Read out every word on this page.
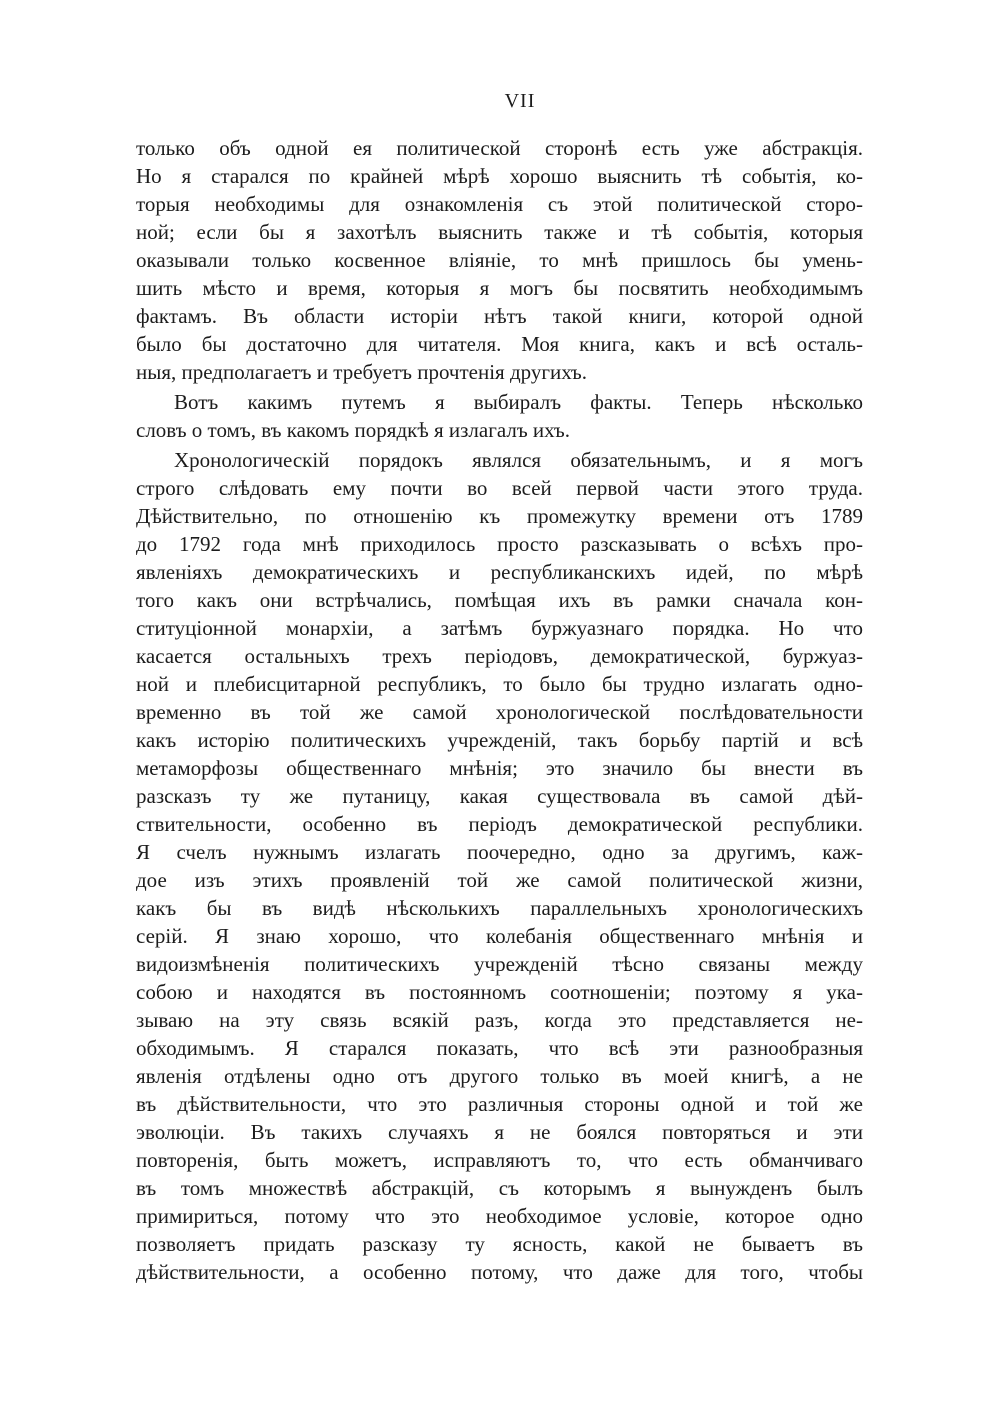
VII
только объ одной ея политической сторонѣ есть уже абстракція.
Но я старался по крайней мѣрѣ хорошо выяснить тѣ событія, ко-
торыя необходимы для ознакомленія съ этой политической сторо-
ной; если бы я захотѣлъ выяснить также и тѣ событія, которыя
оказывали только косвенное вліяніе, то мнѣ пришлось бы умень-
шить мѣсто и время, которыя я могъ бы посвятить необходимымъ
фактамъ. Въ области исторіи нѣтъ такой книги, которой одной
было бы достаточно для читателя. Моя книга, какъ и всѣ осталь-
ныя, предполагаетъ и требуетъ прочтенія другихъ.
Вотъ какимъ путемъ я выбиралъ факты. Теперь нѣсколько
словъ о томъ, въ какомъ порядкѣ я излагалъ ихъ.
Хронологическій порядокъ являлся обязательнымъ, и я могъ
строго слѣдовать ему почти во всей первой части этого труда.
Дѣйствительно, по отношенію къ промежутку времени отъ 1789
до 1792 года мнѣ приходилось просто разсказывать о всѣхъ про-
явленіяхъ демократическихъ и республиканскихъ идей, по мѣрѣ
того какъ они встрѣчались, помѣщая ихъ въ рамки сначала кон-
ституціонной монархіи, а затѣмъ буржуазнаго порядка. Но что
касается остальныхъ трехъ періодовъ, демократической, буржуаз-
ной и плебисцитарной республикъ, то было бы трудно излагать одно-
временно въ той же самой хронологической послѣдовательности
какъ исторію политическихъ учрежденій, такъ борьбу партій и всѣ
метаморфозы общественнаго мнѣнія; это значило бы внести въ
разсказъ ту же путаницу, какая существовала въ самой дѣй-
ствительности, особенно въ періодъ демократической республики.
Я счелъ нужнымъ излагать поочередно, одно за другимъ, каж-
дое изъ этихъ проявленій той же самой политической жизни,
какъ бы въ видѣ нѣсколькихъ параллельныхъ хронологическихъ
серій. Я знаю хорошо, что колебанія общественнаго мнѣнія и
видоизмѣненія политическихъ учрежденій тѣсно связаны между
собою и находятся въ постоянномъ соотношеніи; поэтому я ука-
зываю на эту связь всякій разъ, когда это представляется не-
обходимымъ. Я старался показать, что всѣ эти разнообразныя
явленія отдѣлены одно отъ другого только въ моей книгѣ, а не
въ дѣйствительности, что это различныя стороны одной и той же
эволюціи. Въ такихъ случаяхъ я не боялся повторяться и эти
повторенія, быть можетъ, исправляютъ то, что есть обманчиваго
въ томъ множествѣ абстракцій, съ которымъ я вынужденъ былъ
примириться, потому что это необходимое условіе, которое одно
позволяетъ придать разсказу ту ясность, какой не бываетъ въ
дѣйствительности, а особенно потому, что даже для того, чтобы
